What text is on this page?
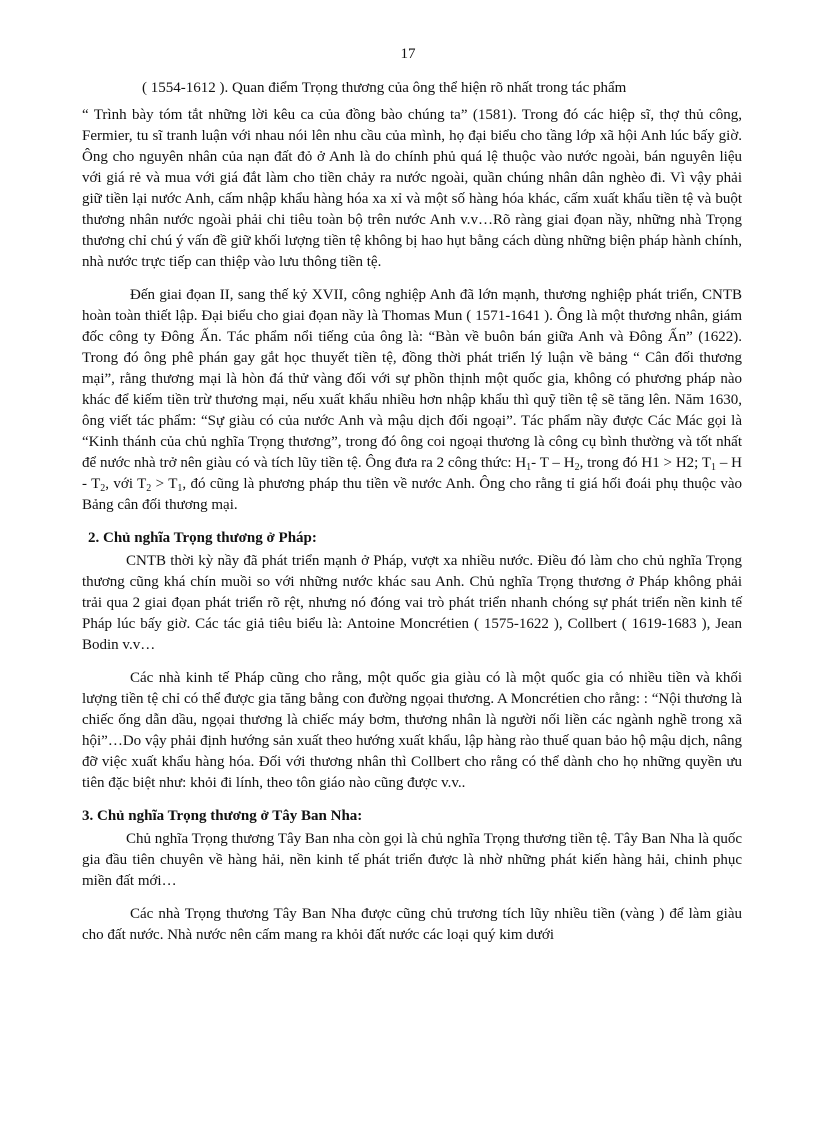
17

( 1554-1612 ). Quan điểm Trọng thương của ông thể hiện rõ nhất trong tác phẩm

“ Trình bày tóm tắt những lời kêu ca của đồng bào chúng ta” (1581). Trong đó các hiệp sĩ, thợ thủ công, Fermier, tu sĩ tranh luận với nhau nói lên nhu cầu của mình, họ đại biểu cho tầng lớp xã hội Anh lúc bấy giờ. Ông cho nguyên nhân của nạn đất đỏ ở Anh là do chính phủ quá lệ thuộc vào nước ngoài, bán nguyên liệu với giá rẻ và mua với giá đắt làm cho tiền chảy ra nước ngoài, quần chúng nhân dân nghèo đi. Vì vậy phải giữ tiền lại nước Anh, cấm nhập khẩu hàng hóa xa xỉ và một số hàng hóa khác, cấm xuất khẩu tiền tệ và buột thương nhân nước ngoài phải chi tiêu toàn bộ trên nước Anh v.v…Rõ ràng giai đọan nầy, những nhà Trọng thương chỉ chú ý vấn đề giữ khối lượng tiền tệ không bị hao hụt bằng cách dùng những biện pháp hành chính, nhà nước trực tiếp can thiệp vào lưu thông tiền tệ.

Đến giai đọan II, sang thế kỷ XVII, công nghiệp Anh đã lớn mạnh, thương nghiệp phát triển, CNTB hoàn toàn thiết lập. Đại biểu cho giai đọan nầy là Thomas Mun ( 1571-1641 ). Ông là một thương nhân, giám đốc công ty Đông Ấn. Tác phẩm nổi tiếng của ông là: “Bàn về buôn bán giữa Anh và Đông Ấn” (1622). Trong đó ông phê phán gay gắt học thuyết tiền tệ, đồng thời phát triển lý luận về bảng “ Cân đối thương mại”, rằng thương mại là hòn đá thử vàng đối với sự phồn thịnh một quốc gia, không có phương pháp nào khác để kiếm tiền trừ thương mại, nếu xuất khẩu nhiều hơn nhập khẩu thì quỹ tiền tệ sẽ tăng lên. Năm 1630, ông viết tác phẩm: “Sự giàu có của nước Anh và mậu dịch đối ngoại”. Tác phẩm nầy được Các Mác gọi là “Kinh thánh của chủ nghĩa Trọng thương”, trong đó ông coi ngoại thương là công cụ bình thường và tốt nhất để nước nhà trở nên giàu có và tích lũy tiền tệ. Ông đưa ra 2 công thức: $H_1-$ T – $H_2$, trong đó H1 > H2; $T_1$ – H - $T_2$, với $T_2 > T_1$, đó cũng là phương pháp thu tiền về nước Anh. Ông cho rằng tỉ giá hối đoái phụ thuộc vào Bảng cân đối thương mại.

2. Chủ nghĩa Trọng thương ở Pháp:

CNTB thời kỳ nầy đã phát triển mạnh ở Pháp, vượt xa nhiều nước. Điều đó làm cho chủ nghĩa Trọng thương cũng khá chín muồi so với những nước khác sau Anh. Chủ nghĩa Trọng thương ở Pháp không phải trải qua 2 giai đọan phát triển rõ rệt, nhưng nó đóng vai trò phát triển nhanh chóng sự phát triển nền kinh tế Pháp lúc bấy giờ. Các tác giả tiêu biểu là: Antoine Moncrétien ( 1575-1622 ), Collbert ( 1619-1683 ), Jean Bodin v.v…

Các nhà kinh tế Pháp cũng cho rằng, một quốc gia giàu có là một quốc gia có nhiều tiền và khối lượng tiền tệ chỉ có thể được gia tăng bằng con đường ngọai thương. A Moncrétien cho rằng: : “Nội thương là chiếc ống dẫn dầu, ngọai thương là chiếc máy bơm, thương nhân là người nối liền các ngành nghề trong xã hội”…Do vậy phải định hướng sản xuất theo hướng xuất khẩu, lập hàng rào thuế quan bảo hộ mậu dịch, nâng đỡ việc xuất khẩu hàng hóa. Đối với thương nhân thì Collbert cho rằng có thể dành cho họ những quyền ưu tiên đặc biệt như: khỏi đi lính, theo tôn giáo nào cũng được v.v..

3. Chủ nghĩa Trọng thương ở Tây Ban Nha:

Chủ nghĩa Trọng thương Tây Ban nha còn gọi là chủ nghĩa Trọng thương tiền tệ. Tây Ban Nha là quốc gia đầu tiên chuyên về hàng hải, nền kinh tế phát triển được là nhờ những phát kiến hàng hải, chinh phục miền đất mới…

Các nhà Trọng thương Tây Ban Nha được cũng chủ trương tích lũy nhiều tiền (vàng ) để làm giàu cho đất nước. Nhà nước nên cấm mang ra khỏi đất nước các loại quý kim dưới
